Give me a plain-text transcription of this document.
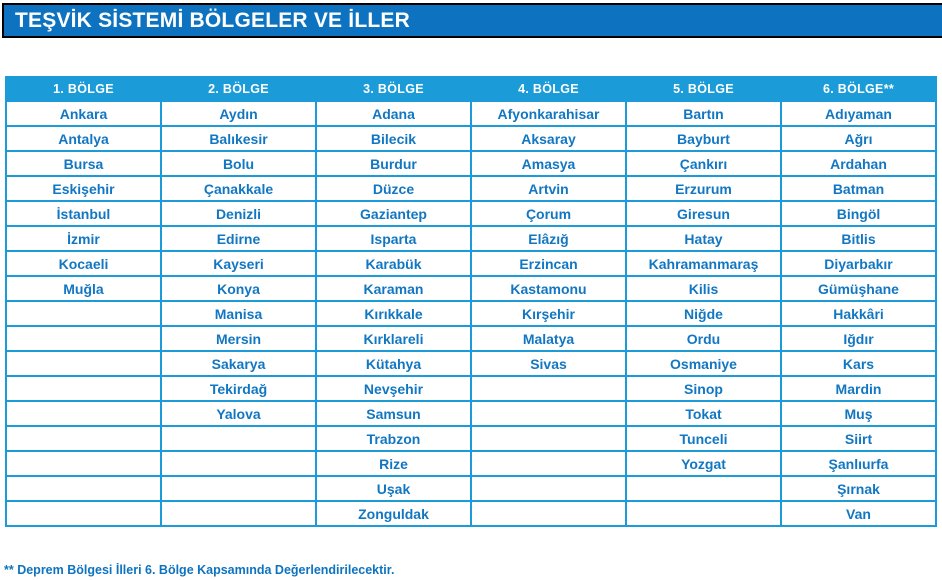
TEŞVİK SİSTEMİ BÖLGELER VE İLLER
1. BÖLGE	2. BÖLGE	3. BÖLGE	4. BÖLGE	5. BÖLGE	6. BÖLGE**
Ankara	Aydın	Adana	Afyonkarahisar	Bartın	Adıyaman
Antalya	Balıkesir	Bilecik	Aksaray	Bayburt	Ağrı
Bursa	Bolu	Burdur	Amasya	Çankırı	Ardahan
Eskişehir	Çanakkale	Düzce	Artvin	Erzurum	Batman
İstanbul	Denizli	Gaziantep	Çorum	Giresun	Bingöl
İzmir	Edirne	Isparta	Elâzığ	Hatay	Bitlis
Kocaeli	Kayseri	Karabük	Erzincan	Kahramanmaraş	Diyarbakır
Muğla	Konya	Karaman	Kastamonu	Kilis	Gümüşhane
	Manisa	Kırıkkale	Kırşehir	Niğde	Hakkâri
	Mersin	Kırklareli	Malatya	Ordu	Iğdır
	Sakarya	Kütahya	Sivas	Osmaniye	Kars
	Tekirdağ	Nevşehir		Sinop	Mardin
	Yalova	Samsun		Tokat	Muş
		Trabzon		Tunceli	Siirt
		Rize		Yozgat	Şanlıurfa
		Uşak			Şırnak
		Zonguldak			Van
** Deprem Bölgesi İlleri 6. Bölge Kapsamında Değerlendirilecektir.
